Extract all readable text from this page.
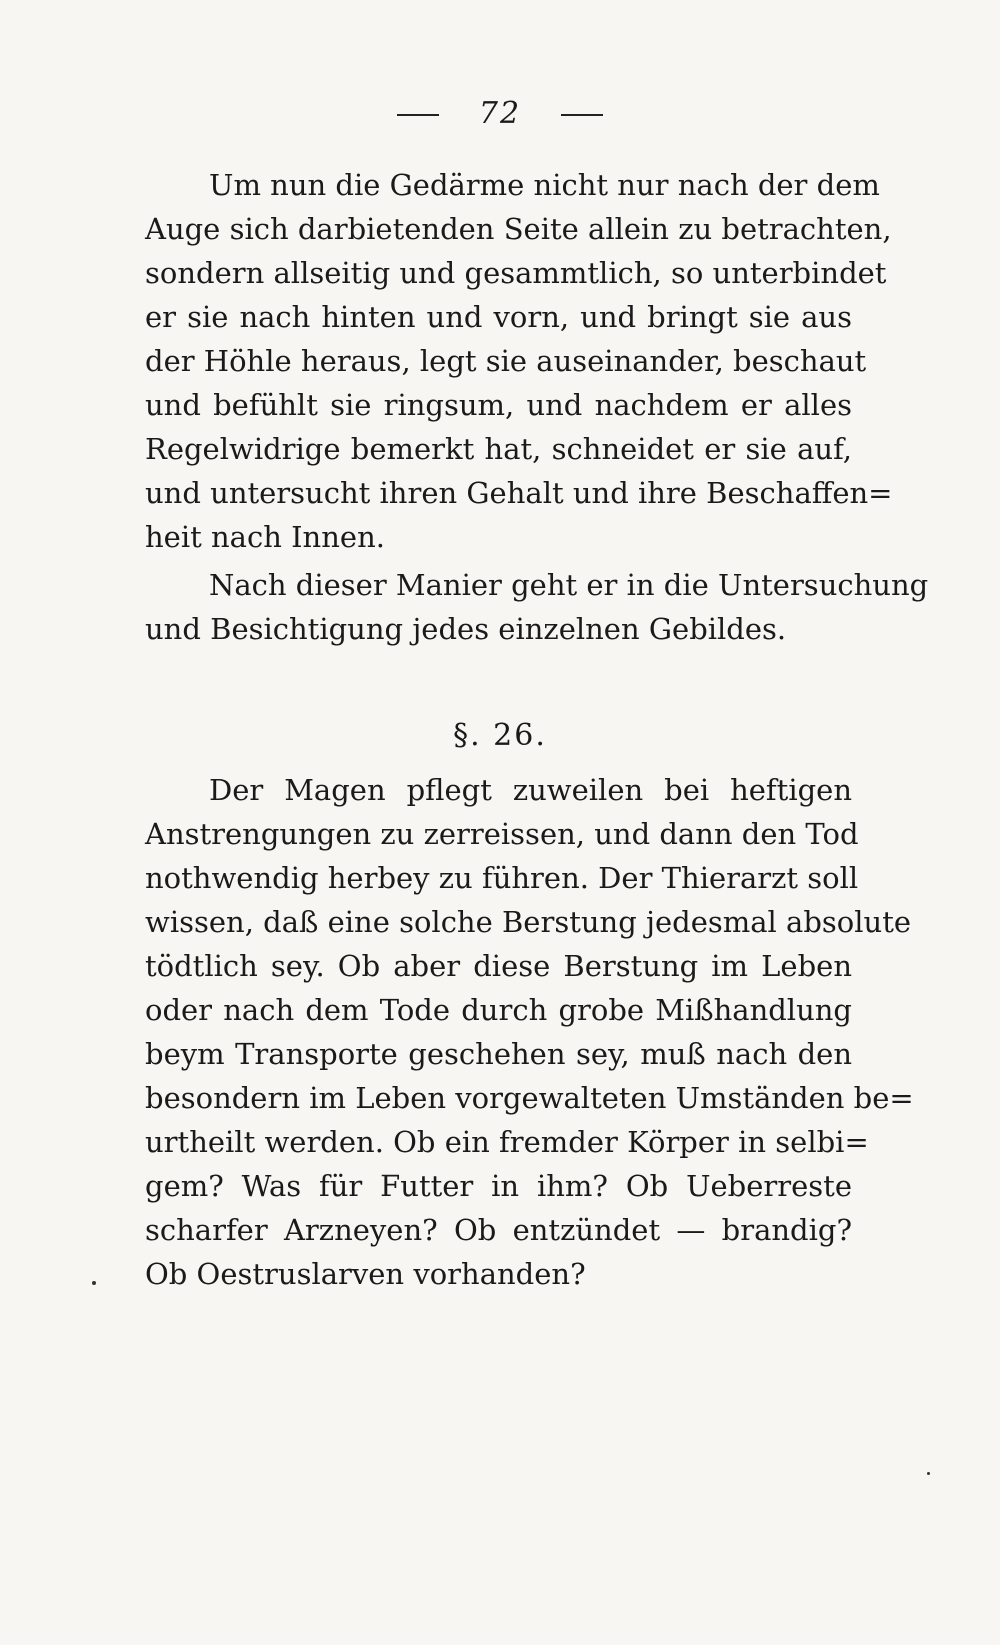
72
Um nun die Gedärme nicht nur nach der dem
Auge sich darbietenden Seite allein zu betrachten,
sondern allseitig und gesammtlich, so unterbindet
er sie nach hinten und vorn, und bringt sie aus
der Höhle heraus, legt sie auseinander, beschaut
und befühlt sie ringsum, und nachdem er alles
Regelwidrige bemerkt hat, schneidet er sie auf,
und untersucht ihren Gehalt und ihre Beschaffen=
heit nach Innen.
Nach dieser Manier geht er in die Untersuchung
und Besichtigung jedes einzelnen Gebildes.
§. 26.
Der Magen pflegt zuweilen bei heftigen
Anstrengungen zu zerreissen, und dann den Tod
nothwendig herbey zu führen. Der Thierarzt soll
wissen, daß eine solche Berstung jedesmal absolute
tödtlich sey. Ob aber diese Berstung im Leben
oder nach dem Tode durch grobe Mißhandlung
beym Transporte geschehen sey, muß nach den
besondern im Leben vorgewalteten Umständen be=
urtheilt werden. Ob ein fremder Körper in selbi=
gem? Was für Futter in ihm? Ob Ueberreste
scharfer Arzneyen? Ob entzündet — brandig?
Ob Oestruslarven vorhanden?
